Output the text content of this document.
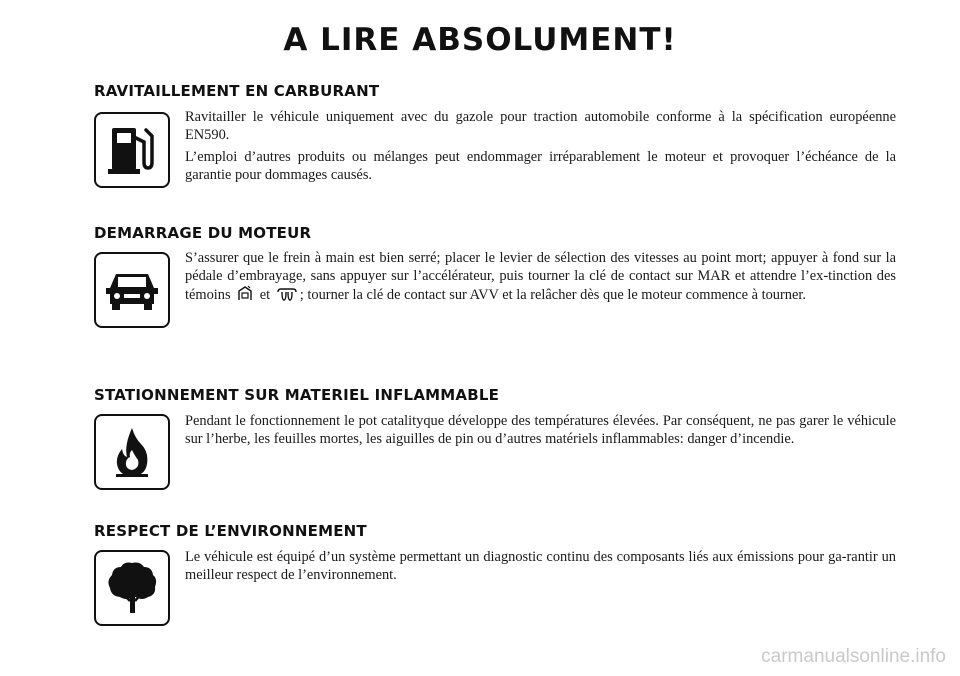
A LIRE ABSOLUMENT!
RAVITAILLEMENT EN CARBURANT

Ravitailler le véhicule uniquement avec du gazole pour traction automobile conforme à la spécification européenne EN590.

L’emploi d’autres produits ou mélanges peut endommager irréparablement le moteur et provoquer l’échéance de la garantie pour dommages causés.

DEMARRAGE DU MOTEUR

S’assurer que le frein à main est bien serré; placer le levier de sélection des vitesses au point mort; appuyer à fond sur la pédale d’embrayage, sans appuyer sur l’accélérateur, puis tourner la clé de contact sur MAR et attendre l’ex-tinction des témoins et ; tourner la clé de contact sur AVV et la relâcher dès que le moteur commence à tourner.

STATIONNEMENT SUR MATERIEL INFLAMMABLE

Pendant le fonctionnement le pot catalityque développe des températures élevées. Par conséquent, ne pas garer le véhicule sur l’herbe, les feuilles mortes, les aiguilles de pin ou d’autres matériels inflammables: danger d’incendie.

RESPECT DE L’ENVIRONNEMENT

Le véhicule est équipé d’un système permettant un diagnostic continu des composants liés aux émissions pour ga-rantir un meilleur respect de l’environnement.

carmanualsonline.info
